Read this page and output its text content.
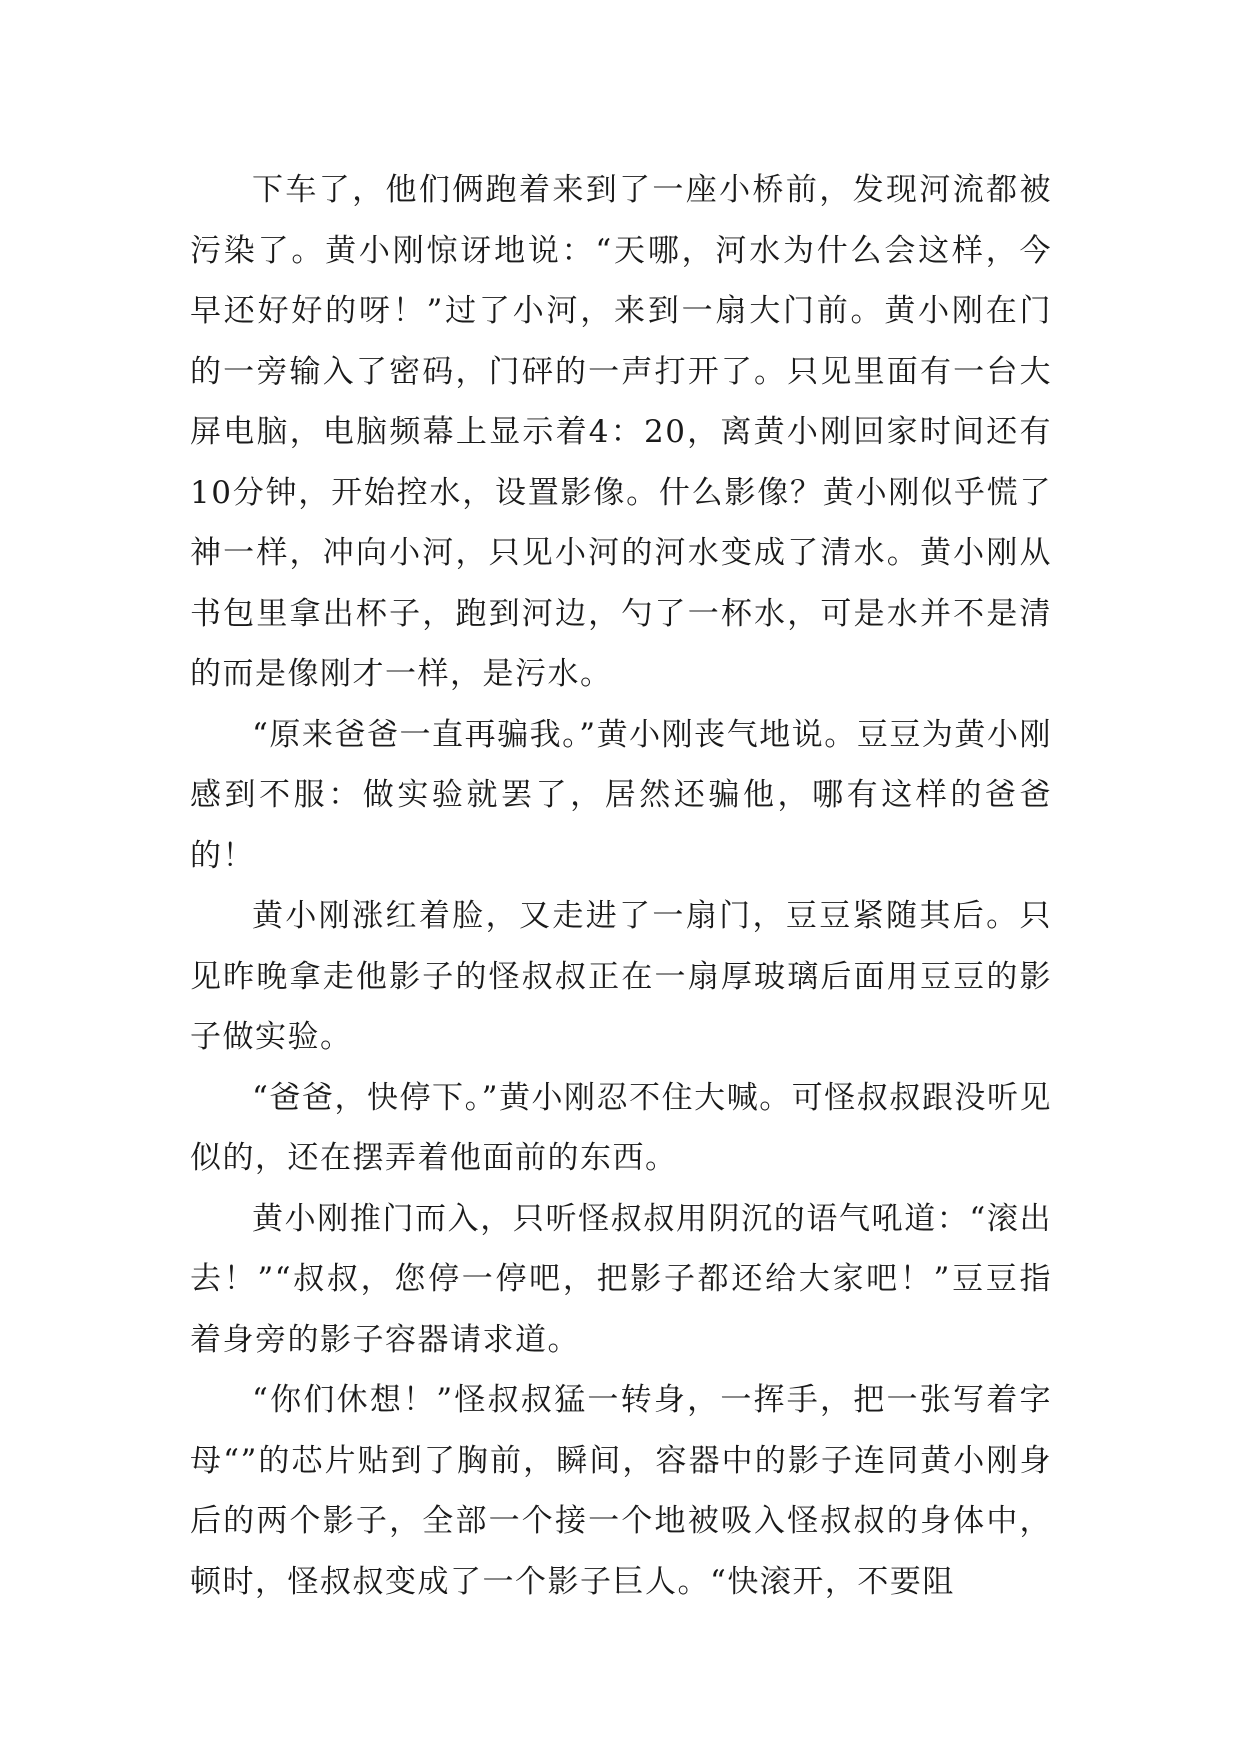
下车了，他们俩跑着来到了一座小桥前，发现河流都被污染了。黄小刚惊讶地说：“天哪，河水为什么会这样，今早还好好的呀！”过了小河，来到一扇大门前。黄小刚在门的一旁输入了密码，门砰的一声打开了。只见里面有一台大屏电脑，电脑频幕上显示着4：20，离黄小刚回家时间还有10分钟，开始控水，设置影像。什么影像？黄小刚似乎慌了神一样，冲向小河，只见小河的河水变成了清水。黄小刚从书包里拿出杯子，跑到河边，勺了一杯水，可是水并不是清的而是像刚才一样，是污水。

“原来爸爸一直再骗我。”黄小刚丧气地说。豆豆为黄小刚感到不服：做实验就罢了，居然还骗他，哪有这样的爸爸的！

黄小刚涨红着脸，又走进了一扇门，豆豆紧随其后。只见昨晚拿走他影子的怪叔叔正在一扇厚玻璃后面用豆豆的影子做实验。

“爸爸，快停下。”黄小刚忍不住大喊。可怪叔叔跟没听见似的，还在摆弄着他面前的东西。

黄小刚推门而入，只听怪叔叔用阴沉的语气吼道：“滚出去！”“叔叔，您停一停吧，把影子都还给大家吧！”豆豆指着身旁的影子容器请求道。

“你们休想！”怪叔叔猛一转身，一挥手，把一张写着字母“”的芯片贴到了胸前，瞬间，容器中的影子连同黄小刚身后的两个影子，全部一个接一个地被吸入怪叔叔的身体中，顿时，怪叔叔变成了一个影子巨人。“快滚开，不要阻
